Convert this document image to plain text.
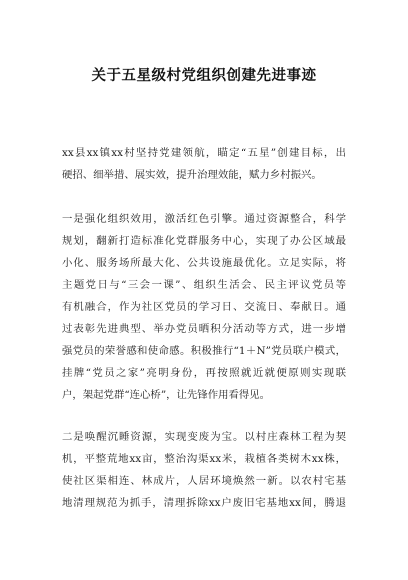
关于五星级村党组织创建先进事迹
xx县xx镇xx村坚持党建领航，瞄定“五星”创建目标，出
硬招、细举措、展实效，提升治理效能，赋力乡村振兴。
一是强化组织效用，激活红色引擎。通过资源整合，科学
规划，翻新打造标准化党群服务中心，实现了办公区域最
小化、服务场所最大化、公共设施最优化。立足实际，将
主题党日与“三会一课”、组织生活会、民主评议党员等
有机融合，作为社区党员的学习日、交流日、奉献日。通
过表彰先进典型、举办党员晒积分活动等方式，进一步增
强党员的荣誉感和使命感。积极推行“1＋N”党员联户模式，
挂牌“党员之家”亮明身份，再按照就近就便原则实现联
户，架起党群“连心桥”，让先锋作用看得见。
二是唤醒沉睡资源，实现变废为宝。以村庄森林工程为契
机，平整荒地xx亩，整治沟渠xx米，栽植各类树木xx株，
使社区渠相连、林成片，人居环境焕然一新。以农村宅基
地清理规范为抓手，清理拆除xx户废旧宅基地xx间，腾退
